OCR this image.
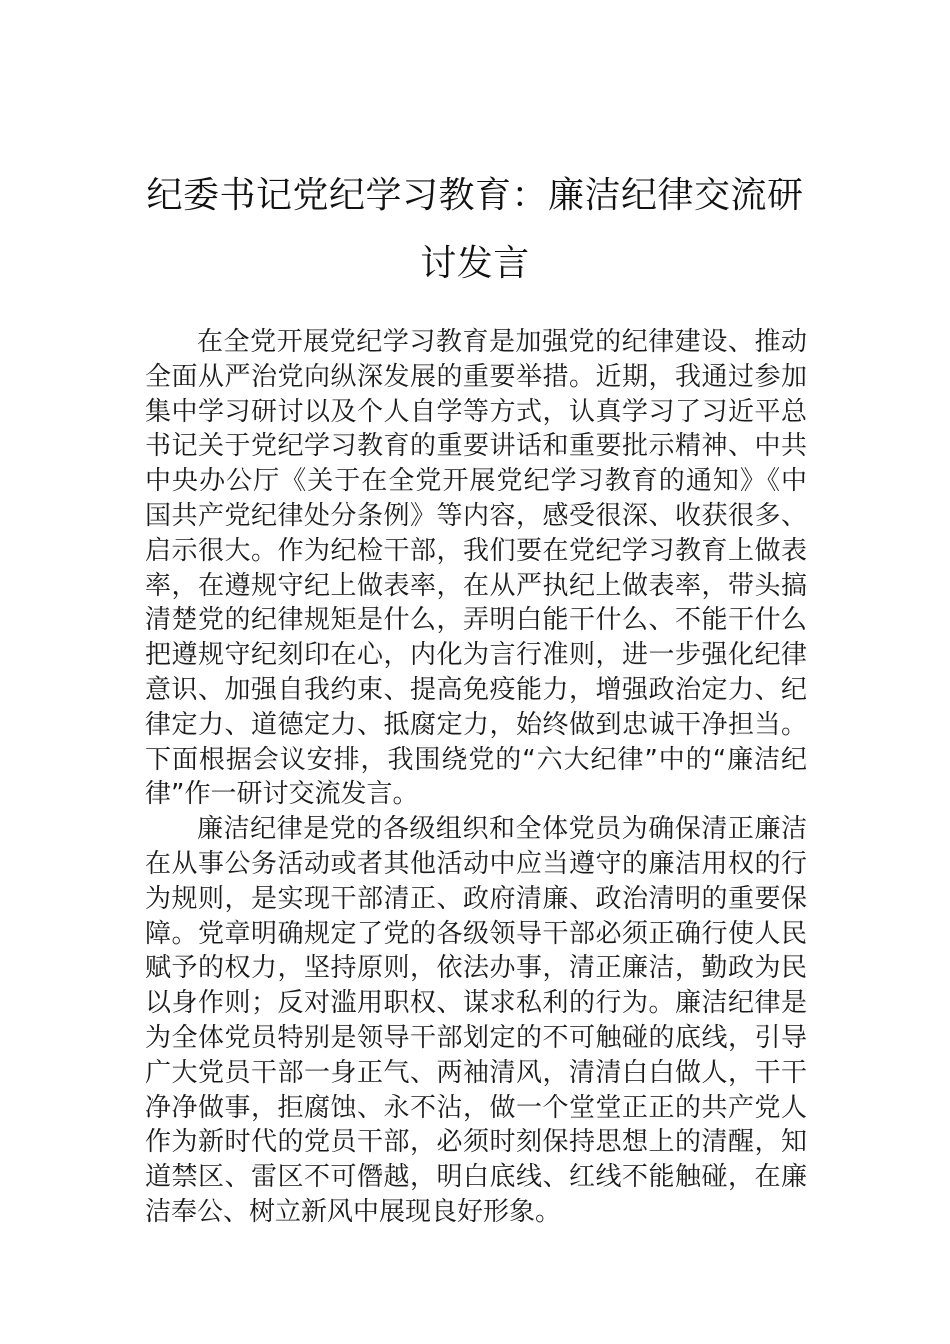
纪委书记党纪学习教育：廉洁纪律交流研
讨发言

在全党开展党纪学习教育是加强党的纪律建设、推动全面从严治党向纵深发展的重要举措。近期，我通过参加集中学习研讨以及个人自学等方式，认真学习了习近平总书记关于党纪学习教育的重要讲话和重要批示精神、中共中央办公厅《关于在全党开展党纪学习教育的通知》《中国共产党纪律处分条例》等内容，感受很深、收获很多、启示很大。作为纪检干部，我们要在党纪学习教育上做表率，在遵规守纪上做表率，在从严执纪上做表率，带头搞清楚党的纪律规矩是什么，弄明白能干什么、不能干什么把遵规守纪刻印在心，内化为言行准则，进一步强化纪律意识、加强自我约束、提高免疫能力，增强政治定力、纪律定力、道德定力、抵腐定力，始终做到忠诚干净担当。下面根据会议安排，我围绕党的“六大纪律”中的“廉洁纪律”作一研讨交流发言。

廉洁纪律是党的各级组织和全体党员为确保清正廉洁在从事公务活动或者其他活动中应当遵守的廉洁用权的行为规则，是实现干部清正、政府清廉、政治清明的重要保障。党章明确规定了党的各级领导干部必须正确行使人民赋予的权力，坚持原则，依法办事，清正廉洁，勤政为民以身作则；反对滥用职权、谋求私利的行为。廉洁纪律是为全体党员特别是领导干部划定的不可触碰的底线，引导广大党员干部一身正气、两袖清风，清清白白做人，干干净净做事，拒腐蚀、永不沾，做一个堂堂正正的共产党人作为新时代的党员干部，必须时刻保持思想上的清醒，知道禁区、雷区不可僭越，明白底线、红线不能触碰，在廉洁奉公、树立新风中展现良好形象。
